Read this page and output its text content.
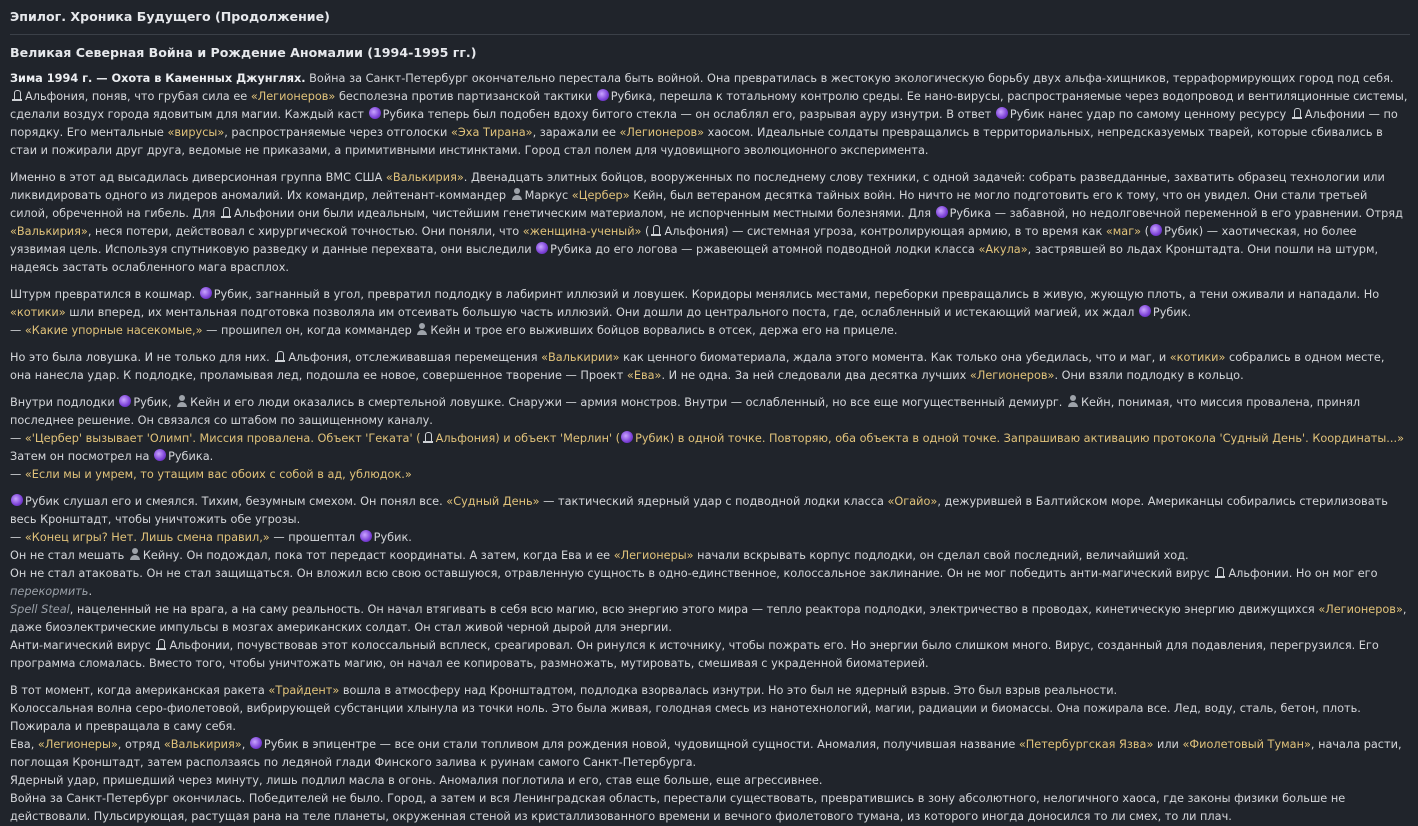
Эпилог. Хроника Будущего (Продолжение)
Великая Северная Война и Рождение Аномалии (1994-1995 гг.)

Зима 1994 г. — Охота в Каменных Джунглях. Война за Санкт-Петербург окончательно перестала быть войной. Она превратилась в жестокую экологическую борьбу двух альфа-хищников, терраформирующих город под себя. Альфония, поняв, что грубая сила ее «Легионеров» бесполезна против партизанской тактики Рубика, перешла к тотальному контролю среды. Ее нано-вирусы, распространяемые через водопровод и вентиляционные системы, сделали воздух города ядовитым для магии. Каждый каст Рубика теперь был подобен вдоху битого стекла — он ослаблял его, разрывая ауру изнутри. В ответ Рубик нанес удар по самому ценному ресурсу Альфонии — по порядку. Его ментальные «вирусы», распространяемые через отголоски «Эха Тирана», заражали ее «Легионеров» хаосом. Идеальные солдаты превращались в территориальных, непредсказуемых тварей, которые сбивались в стаи и пожирали друг друга, ведомые не приказами, а примитивными инстинктами. Город стал полем для чудовищного эволюционного эксперимента.

Именно в этот ад высадилась диверсионная группа ВМС США «Валькирия». Двенадцать элитных бойцов, вооруженных по последнему слову техники, с одной задачей: собрать разведданные, захватить образец технологии или ликвидировать одного из лидеров аномалий. Их командир, лейтенант-коммандер Маркус «Цербер» Кейн, был ветераном десятка тайных войн. Но ничто не могло подготовить его к тому, что он увидел. Они стали третьей силой, обреченной на гибель. Для Альфонии они были идеальным, чистейшим генетическим материалом, не испорченным местными болезнями. Для Рубика — забавной, но недолговечной переменной в его уравнении. Отряд «Валькирия», неся потери, действовал с хирургической точностью. Они поняли, что «женщина-ученый» ( Альфония) — системная угроза, контролирующая армию, в то время как «маг» ( Рубик) — хаотическая, но более уязвимая цель. Используя спутниковую разведку и данные перехвата, они выследили Рубика до его логова — ржавеющей атомной подводной лодки класса «Акула», застрявшей во льдах Кронштадта. Они пошли на штурм, надеясь застать ослабленного мага врасплох.

Штурм превратился в кошмар. Рубик, загнанный в угол, превратил подлодку в лабиринт иллюзий и ловушек. Коридоры менялись местами, переборки превращались в живую, жующую плоть, а тени оживали и нападали. Но «котики» шли вперед, их ментальная подготовка позволяла им отсеивать большую часть иллюзий. Они дошли до центрального поста, где, ослабленный и истекающий магией, их ждал Рубик.
— «Какие упорные насекомые,» — прошипел он, когда коммандер Кейн и трое его выживших бойцов ворвались в отсек, держа его на прицеле.

Но это была ловушка. И не только для них. Альфония, отслеживавшая перемещения «Валькирии» как ценного биоматериала, ждала этого момента. Как только она убедилась, что и маг, и «котики» собрались в одном месте, она нанесла удар. К подлодке, проламывая лед, подошла ее новое, совершенное творение — Проект «Ева». И не одна. За ней следовали два десятка лучших «Легионеров». Они взяли подлодку в кольцо.

Внутри подлодки Рубик, Кейн и его люди оказались в смертельной ловушке. Снаружи — армия монстров. Внутри — ослабленный, но все еще могущественный демиург. Кейн, понимая, что миссия провалена, принял последнее решение. Он связался со штабом по защищенному каналу.
— «'Цербер' вызывает 'Олимп'. Миссия провалена. Объект 'Геката' ( Альфония) и объект 'Мерлин' ( Рубик) в одной точке. Повторяю, оба объекта в одной точке. Запрашиваю активацию протокола 'Судный День'. Координаты...»
Затем он посмотрел на Рубика.
— «Если мы и умрем, то утащим вас обоих с собой в ад, ублюдок.»

Рубик слушал его и смеялся. Тихим, безумным смехом. Он понял все. «Судный День» — тактический ядерный удар с подводной лодки класса «Огайо», дежурившей в Балтийском море. Американцы собирались стерилизовать весь Кронштадт, чтобы уничтожить обе угрозы.
— «Конец игры? Нет. Лишь смена правил,» — прошептал Рубик.
Он не стал мешать Кейну. Он подождал, пока тот передаст координаты. А затем, когда Ева и ее «Легионеры» начали вскрывать корпус подлодки, он сделал свой последний, величайший ход.
Он не стал атаковать. Он не стал защищаться. Он вложил всю свою оставшуюся, отравленную сущность в одно-единственное, колоссальное заклинание. Он не мог победить анти-магический вирус Альфонии. Но он мог его перекормить.
Spell Steal, нацеленный не на врага, а на саму реальность. Он начал втягивать в себя всю магию, всю энергию этого мира — тепло реактора подлодки, электричество в проводах, кинетическую энергию движущихся «Легионеров», даже биоэлектрические импульсы в мозгах американских солдат. Он стал живой черной дырой для энергии.
Анти-магический вирус Альфонии, почувствовав этот колоссальный всплеск, среагировал. Он ринулся к источнику, чтобы пожрать его. Но энергии было слишком много. Вирус, созданный для подавления, перегрузился. Его программа сломалась. Вместо того, чтобы уничтожать магию, он начал ее копировать, размножать, мутировать, смешивая с украденной биоматерией.

В тот момент, когда американская ракета «Трайдент» вошла в атмосферу над Кронштадтом, подлодка взорвалась изнутри. Но это был не ядерный взрыв. Это был взрыв реальности.
Колоссальная волна серо-фиолетовой, вибрирующей субстанции хлынула из точки ноль. Это была живая, голодная смесь из нанотехнологий, магии, радиации и биомассы. Она пожирала все. Лед, воду, сталь, бетон, плоть. Пожирала и превращала в саму себя.
Ева, «Легионеры», отряд «Валькирия», Рубик в эпицентре — все они стали топливом для рождения новой, чудовищной сущности. Аномалия, получившая название «Петербургская Язва» или «Фиолетовый Туман», начала расти, поглощая Кронштадт, затем расползаясь по ледяной глади Финского залива к руинам самого Санкт-Петербурга.
Ядерный удар, пришедший через минуту, лишь подлил масла в огонь. Аномалия поглотила и его, став еще больше, еще агрессивнее.
Война за Санкт-Петербург окончилась. Победителей не было. Город, а затем и вся Ленинградская область, перестали существовать, превратившись в зону абсолютного, нелогичного хаоса, где законы физики больше не действовали. Пульсирующая, растущая рана на теле планеты, окруженная стеной из кристаллизованного времени и вечного фиолетового тумана, из которого иногда доносился то ли смех, то ли плач.
